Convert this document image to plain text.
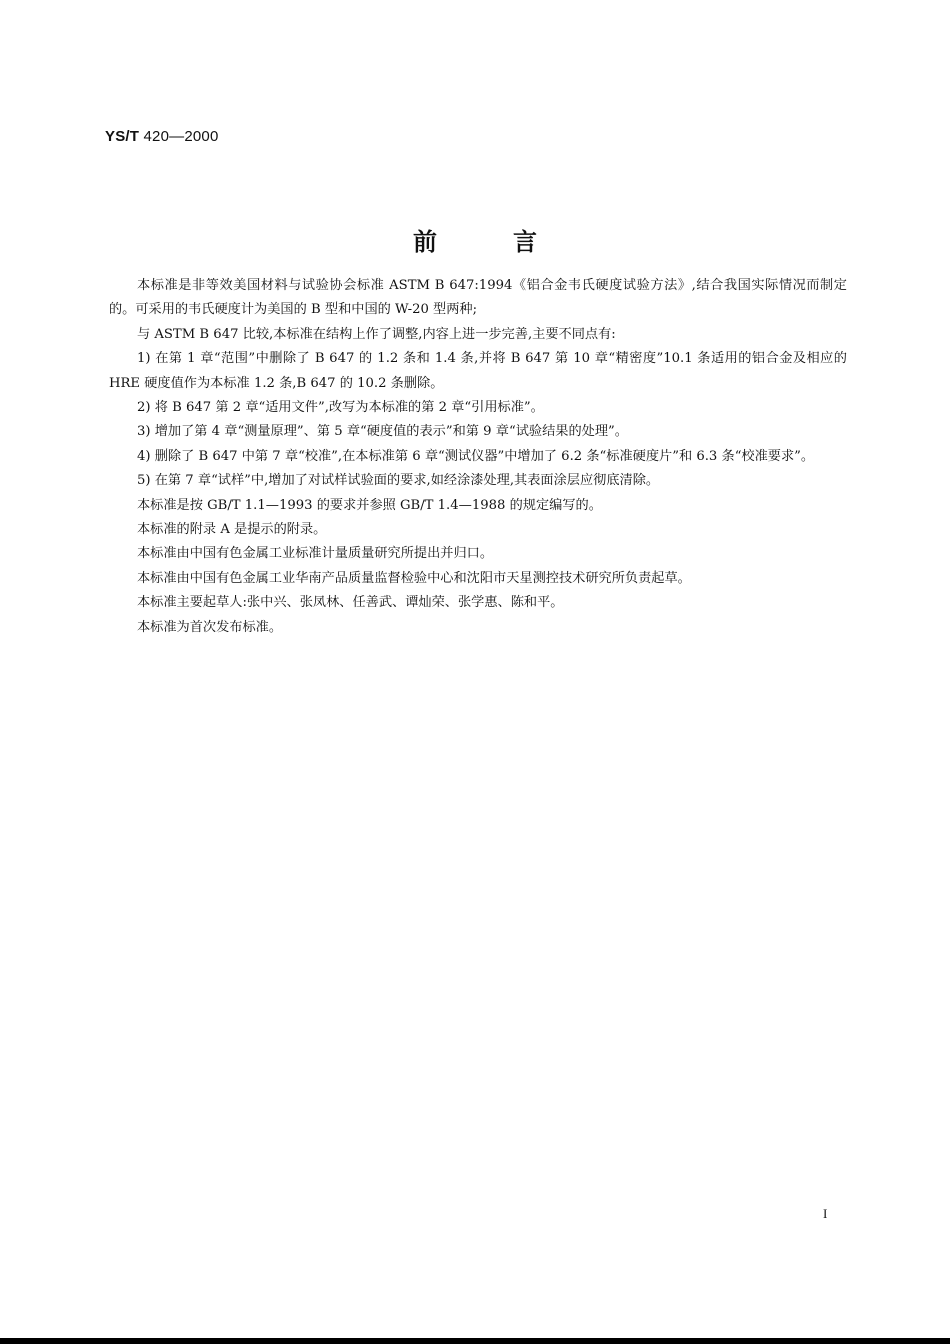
YS/T 420—2000
前言

本标准是非等效美国材料与试验协会标准 ASTM B 647:1994《铝合金韦氏硬度试验方法》,结合我国实际情况而制定的。可采用的韦氏硬度计为美国的 B 型和中国的 W-20 型两种;

与 ASTM B 647 比较,本标准在结构上作了调整,内容上进一步完善,主要不同点有:

1) 在第 1 章“范围”中删除了 B 647 的 1.2 条和 1.4 条,并将 B 647 第 10 章“精密度”10.1 条适用的铝合金及相应的 HRE 硬度值作为本标准 1.2 条,B 647 的 10.2 条删除。

2) 将 B 647 第 2 章“适用文件”,改写为本标准的第 2 章“引用标准”。

3) 增加了第 4 章“测量原理”、第 5 章“硬度值的表示”和第 9 章“试验结果的处理”。

4) 删除了 B 647 中第 7 章“校准”,在本标准第 6 章“测试仪器”中增加了 6.2 条“标准硬度片”和 6.3 条“校准要求”。

5) 在第 7 章“试样”中,增加了对试样试验面的要求,如经涂漆处理,其表面涂层应彻底清除。

本标准是按 GB/T 1.1—1993 的要求并参照 GB/T 1.4—1988 的规定编写的。

本标准的附录 A 是提示的附录。

本标准由中国有色金属工业标准计量质量研究所提出并归口。

本标准由中国有色金属工业华南产品质量监督检验中心和沈阳市天星测控技术研究所负责起草。

本标准主要起草人:张中兴、张凤林、任善武、谭灿荣、张学惠、陈和平。

本标准为首次发布标准。

I
